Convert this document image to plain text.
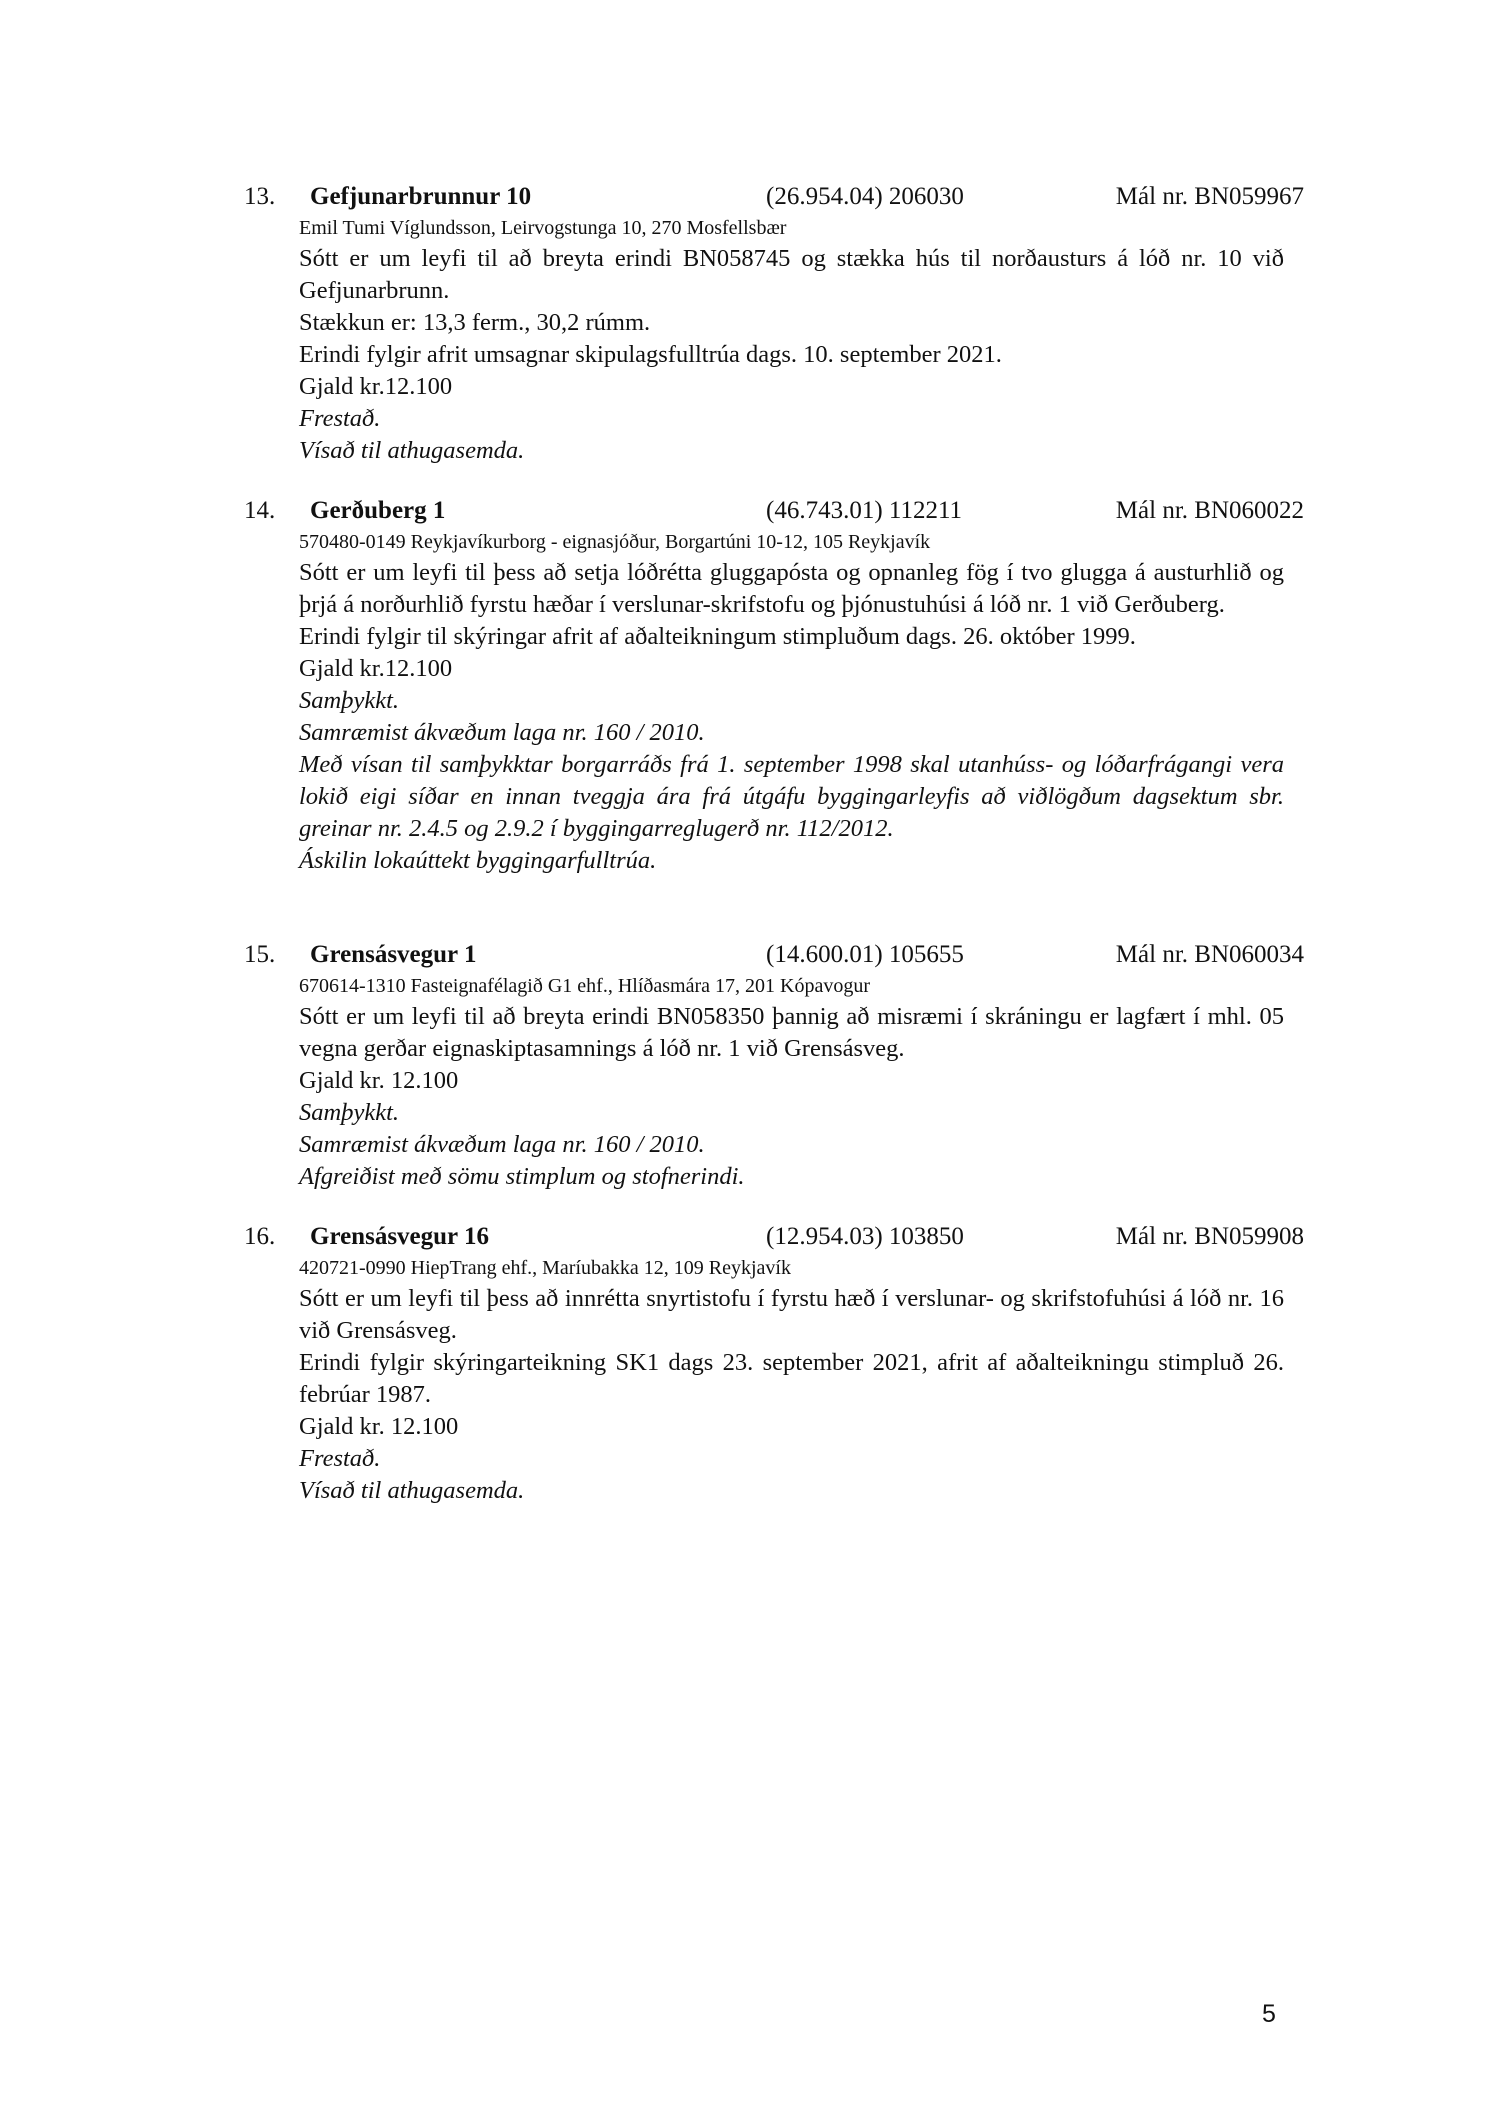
13. Gefjunarbrunnur 10	(26.954.04) 206030	Mál nr. BN059967
Emil Tumi Víglundsson, Leirvogstunga 10, 270 Mosfellsbær

Sótt er um leyfi til að breyta erindi BN058745 og stækka hús til norðausturs á lóð nr. 10 við Gefjunarbrunn.

Stækkun er: 13,3 ferm., 30,2 rúmm.

Erindi fylgir afrit umsagnar skipulagsfulltrúa dags. 10. september 2021.

Gjald kr.12.100

Frestað.

Vísað til athugasemda.

14. Gerðuberg 1	(46.743.01) 112211	Mál nr. BN060022
570480-0149 Reykjavíkurborg - eignasjóður, Borgartúni 10-12, 105 Reykjavík

Sótt er um leyfi til þess að setja lóðrétta gluggapósta og opnanleg fög í tvo glugga á austurhlið og þrjá á norðurhlið fyrstu hæðar í verslunar-skrifstofu og þjónustuhúsi á lóð nr. 1 við Gerðuberg.

Erindi fylgir til skýringar afrit af aðalteikningum stimpluðum dags. 26. október 1999.

Gjald kr.12.100

Samþykkt.

Samræmist ákvæðum laga nr. 160 / 2010.

Með vísan til samþykktar borgarráðs frá 1. september 1998 skal utanhúss- og lóðarfrágangi vera lokið eigi síðar en innan tveggja ára frá útgáfu byggingarleyfis að viðlögðum dagsektum sbr. greinar nr. 2.4.5 og 2.9.2 í byggingarreglugerð nr. 112/2012.

Áskilin lokaúttekt byggingarfulltrúa.

15. Grensásvegur 1	(14.600.01) 105655	Mál nr. BN060034
670614-1310 Fasteignafélagið G1 ehf., Hlíðasmára 17, 201 Kópavogur

Sótt er um leyfi til að breyta erindi BN058350 þannig að misræmi í skráningu er lagfært í mhl. 05 vegna gerðar eignaskiptasamnings á lóð nr. 1 við Grensásveg.

Gjald kr. 12.100

Samþykkt.

Samræmist ákvæðum laga nr. 160 / 2010.

Afgreiðist með sömu stimplum og stofnerindi.

16. Grensásvegur 16	(12.954.03) 103850	Mál nr. BN059908
420721-0990 HiepTrang ehf., Maríubakka 12, 109 Reykjavík

Sótt er um leyfi til þess að innrétta snyrtistofu í fyrstu hæð í verslunar- og skrifstofuhúsi á lóð nr. 16 við Grensásveg.

Erindi fylgir skýringarteikning SK1 dags 23. september 2021, afrit af aðalteikningu stimpluð 26. febrúar 1987.

Gjald kr. 12.100

Frestað.

Vísað til athugasemda.

5
